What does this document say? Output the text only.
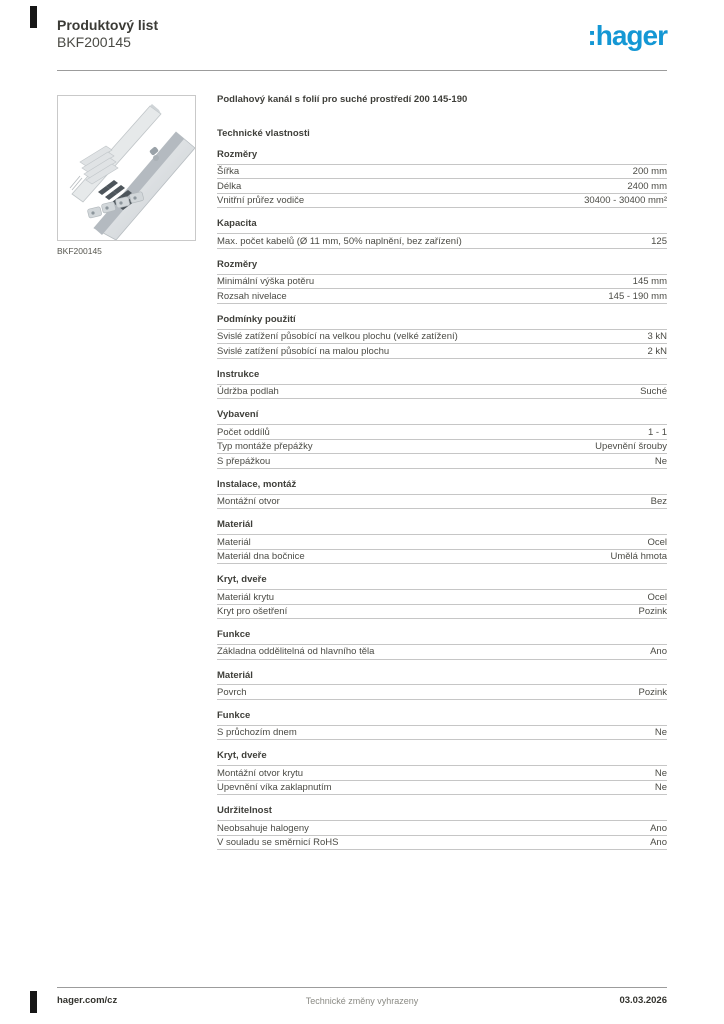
Produktový list
BKF200145	:hager
BKF200145
Podlahový kanál s folií pro suché prostředí 200 145-190
Technické vlastnosti
Rozměry
Šířka	200 mm
Délka	2400 mm
Vnitřní průřez vodiče	30400 - 30400 mm²
Kapacita
Max. počet kabelů (Ø 11 mm, 50% naplnění, bez zařízení)	125
Rozměry
Minimální výška potěru	145 mm
Rozsah nivelace	145 - 190 mm
Podmínky použití
Svislé zatížení působící na velkou plochu (velké zatížení)	3 kN
Svislé zatížení působící na malou plochu	2 kN
Instrukce
Údržba podlah	Suché
Vybavení
Počet oddílů	1 - 1
Typ montáže přepážky	Upevnění šrouby
S přepážkou	Ne
Instalace, montáž
Montážní otvor	Bez
Materiál
Materiál	Ocel
Materiál dna bočnice	Umělá hmota
Kryt, dveře
Materiál krytu	Ocel
Kryt pro ošetření	Pozink
Funkce
Základna oddělitelná od hlavního těla	Ano
Materiál
Povrch	Pozink
Funkce
S průchozím dnem	Ne
Kryt, dveře
Montážní otvor krytu	Ne
Upevnění víka zaklapnutím	Ne
Udržitelnost
Neobsahuje halogeny	Ano
V souladu se směrnicí RoHS	Ano
hager.com/cz	Technické změny vyhrazeny	03.03.2026
